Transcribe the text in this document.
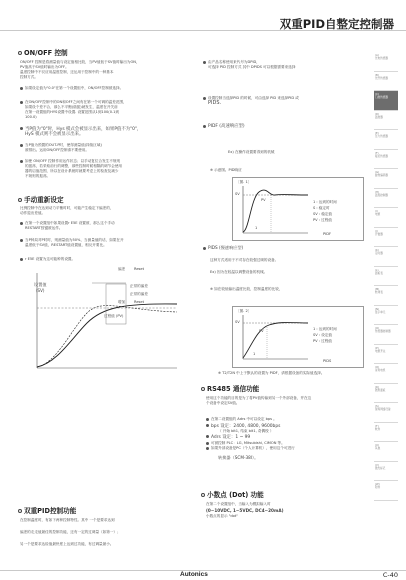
双重PID自整定控制器
ON/OFF 控制
ON/OFF 控制是将测量值与设定值相比较，当PV值低于SV值时输出为ON，
PV值高于SV值时输出为OFF。
温度控制中不仅应用温度控制，还运用于控制中的一种基本
控制方式。
如果设定值为"0.0"在第一个设置组中，ON/OFF控制被选择。
在ON/OFF控制中的ON和OFF之间有在第一个可调的温差范围，
如果设个差不合，那么不平衡(谐振)就发生，温度在开关前
在第一设置组的HYS设置中设置. 设置范围从1到100(0.1到
100.0)
当P值为"0"时，Hys 模式会被显示出来，如果P值不为"0"，
HyS 模式则不会被显示出来。
当P值为预置的OUT-P时，使得测量值(持续区域)
被排出。运用ON/OFF控制请不要使用。
如使 ON/OFF 控制作用运作状态；以手动复位合发生不规则
的振荡，若采取前行的调整，那些控制时候相隔的调节会使用
器的启值范围，所以在设计系统时就要考虑上的检查及减少
不规则的振荡。
手动重新设定
比例控制中在达到动力平衡时时，可能产生稳定下偏差的，
动作退出差值。
在第一个设置组中如果设置r E5E 设置被，那么这个手动
RESTART按键被运作。
当P种局对P时时，则测量值为50%，当测量值的话，如果在开
温度低于SV值，RESTART值设置值，相反开要比。
r E5E 设置为这可能种的设置。
偏差 Reset
设置值
(SV)
正常的偏差
正常的偏差
增加 Reset
过程值 (PV)
双重PID控制功能
在控制温度时，有如下两种控制特性。其中 一个是要求达到
偏差的走走值最佳的控制功能，还有一定的过调量（如第一）；
另一个是要求达检值最快度上达到过功能，有过调量最小。
由产品名称使用来代号为DPID，
可选择 PID 控制方式 其中 DPIDS 可以根据需要来选择
设置控制当选择PID 的时候，可由选择 PID 来选择PID 或
PIDS.
PIDF (高速响应型)
Ex) 在操作设置要得到的机械
※ 示意图。PID响应
〔图. 1〕
SV
PV	1 : 达到的时间
S : 稳定时
SV : 稳定值
PV : 过程值
1
PIDF
PIDS (慢速响应型)
这种方式适用于不对存在较强过调的设备。
Ex) 因为在较温以调整设备的机械。
※ 如在较低输出温度比较，控制温度的比较，
〔图. 2〕
SV
PV	1 : 达到的时间
SV : 设定值
PV : 过程值
1
PIDS
※ T2/T2N 中上于默认的设置为 PIDF，请根据设备的实际值选择。
RS485 通信功能
使用这个功能的目的是为了将PV值传输到另一个外部设备，并在这
个设备中设定SV值。
在第二设置组的 Adrs 中可以设定 bps 。
bps 设定：2400, 4800, 9600bps
（ 开始 bit1, 结束 bit1, 奇偶校 ）
Adrs 设定：1 ~ 99
可被控制 PLC：LG, Mitsubishi, CIMON 等。
如果外部设备是PC（个人计算机），使用这个可进行
转换器（SCM-38I）。
小数点 (Dot) 功能
在第二个设置组中，当输入为模拟输入时
(0~10VDC, 1~5VDC, DC4~20mA)
小数点的显示 "dot"
(A)
光电传感器
(B)
光纤传感器
(C)
门控传感器
(D)
温控器
(E)
压力传感器
(F)
接近传感器
(G)
旋转编码器
(H)
温度控制器
(I)
电源
(J)
计数器
(K)
定时器
(L)
面板表
(M)
转速表
(N)
显示单元
(O)
传感器控制器
(P)
电源开关
(Q)
步进电机
(R)
图形面板
(S)
现场网络设备
(T)
软件
(U)
其他
(V)
激光标记
(W)
附件
Autonics	C-40
